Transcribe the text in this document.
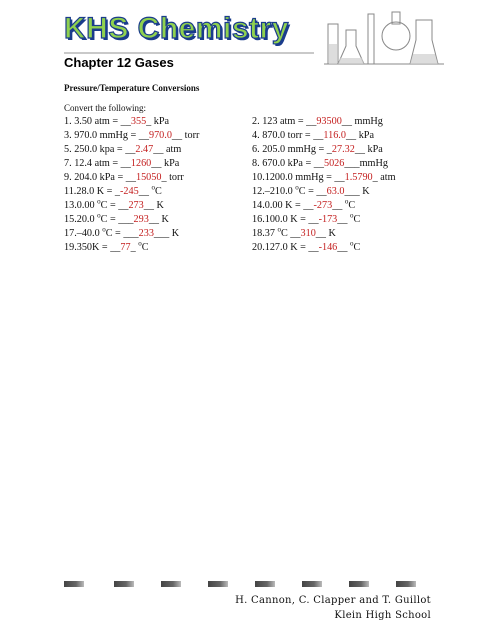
KHS Chemistry
Chapter 12 Gases
Pressure/Temperature Conversions
Convert the following:
1. 3.50 atm = __355_ kPa	2. 123 atm = __93500__ mmHg
3. 970.0 mmHg = __970.0__ torr	4. 870.0 torr = __116.0__ kPa
5. 250.0 kpa = __2.47__ atm	6. 205.0 mmHg = _27.32__ kPa
7. 12.4 atm = __1260__ kPa	8. 670.0 kPa = __5026___mmHg
9. 204.0 kPa = __15050_ torr	10.1200.0 mmHg = __1.5790_ atm
11.28.0 K = _-245__ $^o$C	12.–210.0 $^o$C = __63.0___ K
13.0.00 $^o$C = __273__ K	14.0.00 K = __-273__ $^o$C
15.20.0 $^o$C = ___293__ K	16.100.0 K = __-173__ $^o$C
17.–40.0 $^o$C = ___233___ K	18.37 $^o$C __310__ K
19.350K = __77_ $^o$C	20.127.0 K = __-146__ $^o$C
H. Cannon, C. Clapper and T. Guillot
Klein High School
